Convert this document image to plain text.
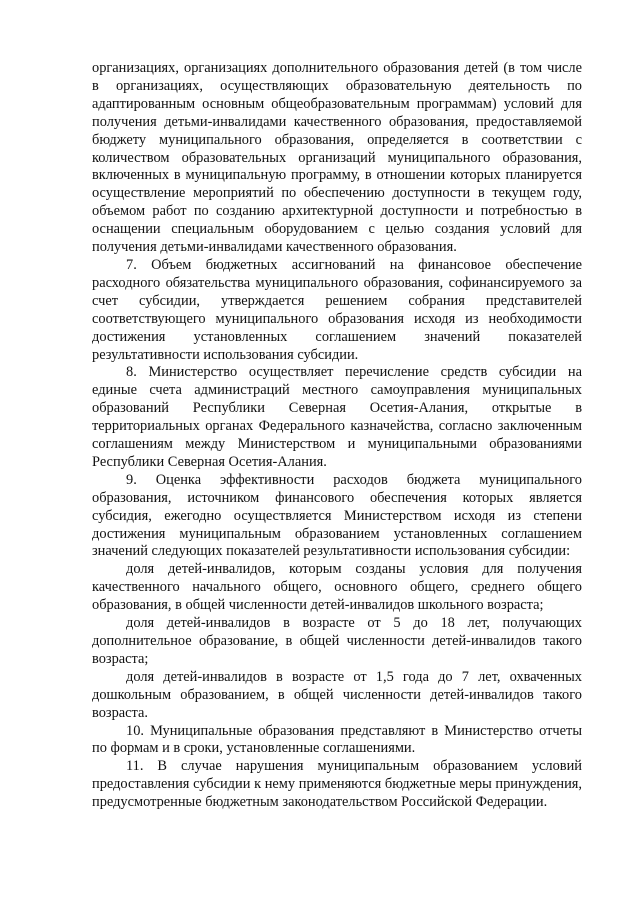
организациях, организациях дополнительного образования детей (в том числе в организациях, осуществляющих образовательную деятельность по адаптированным основным общеобразовательным программам) условий для получения детьми-инвалидами качественного образования, предоставляемой бюджету муниципального образования, определяется в соответствии с количеством образовательных организаций муниципального образования, включенных в муниципальную программу, в отношении которых планируется осуществление мероприятий по обеспечению доступности в текущем году, объемом работ по созданию архитектурной доступности и потребностью в оснащении специальным оборудованием с целью создания условий для получения детьми-инвалидами качественного образования.

7. Объем бюджетных ассигнований на финансовое обеспечение расходного обязательства муниципального образования, софинансируемого за счет субсидии, утверждается решением собрания представителей соответствующего муниципального образования исходя из необходимости достижения установленных соглашением значений показателей результативности использования субсидии.

8. Министерство осуществляет перечисление средств субсидии на единые счета администраций местного самоуправления муниципальных образований Республики Северная Осетия-Алания, открытые в территориальных органах Федерального казначейства, согласно заключенным соглашениям между Министерством и муниципальными образованиями Республики Северная Осетия-Алания.

9. Оценка эффективности расходов бюджета муниципального образования, источником финансового обеспечения которых является субсидия, ежегодно осуществляется Министерством исходя из степени достижения муниципальным образованием установленных соглашением значений следующих показателей результативности использования субсидии:

доля детей-инвалидов, которым созданы условия для получения качественного начального общего, основного общего, среднего общего образования, в общей численности детей-инвалидов школьного возраста;

доля детей-инвалидов в возрасте от 5 до 18 лет, получающих дополнительное образование, в общей численности детей-инвалидов такого возраста;

доля детей-инвалидов в возрасте от 1,5 года до 7 лет, охваченных дошкольным образованием, в общей численности детей-инвалидов такого возраста.

10. Муниципальные образования представляют в Министерство отчеты по формам и в сроки, установленные соглашениями.

11. В случае нарушения муниципальным образованием условий предоставления субсидии к нему применяются бюджетные меры принуждения, предусмотренные бюджетным законодательством Российской Федерации.
